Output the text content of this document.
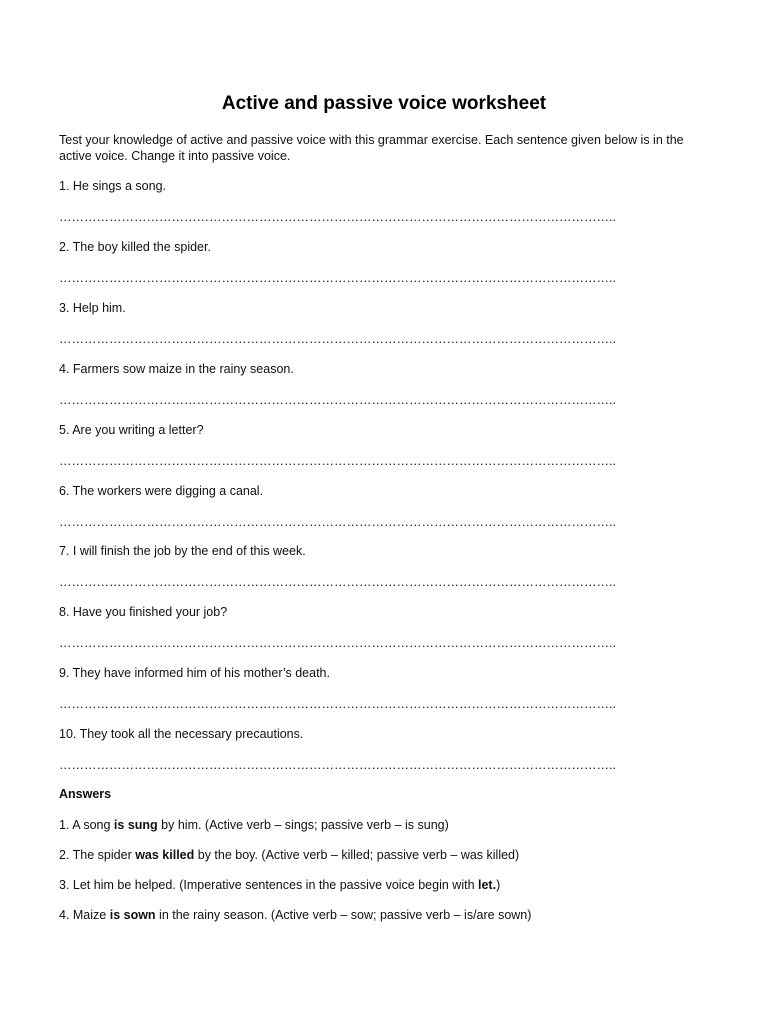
Active and passive voice worksheet
Test your knowledge of active and passive voice with this grammar exercise. Each sentence given below is in the active voice. Change it into passive voice.
1. He sings a song.
……………………………………………………………………………………………………………………..
2. The boy killed the spider.
……………………………………………………………………………………………………………………..
3. Help him.
……………………………………………………………………………………………………………………..
4. Farmers sow maize in the rainy season.
……………………………………………………………………………………………………………………..
5. Are you writing a letter?
……………………………………………………………………………………………………………………..
6. The workers were digging a canal.
……………………………………………………………………………………………………………………..
7. I will finish the job by the end of this week.
……………………………………………………………………………………………………………………..
8. Have you finished your job?
……………………………………………………………………………………………………………………..
9. They have informed him of his mother’s death.
……………………………………………………………………………………………………………………..
10. They took all the necessary precautions.
……………………………………………………………………………………………………………………..
Answers
1. A song is sung by him. (Active verb – sings; passive verb – is sung)
2. The spider was killed by the boy. (Active verb – killed; passive verb – was killed)
3. Let him be helped. (Imperative sentences in the passive voice begin with let.)
4. Maize is sown in the rainy season. (Active verb – sow; passive verb – is/are sown)
